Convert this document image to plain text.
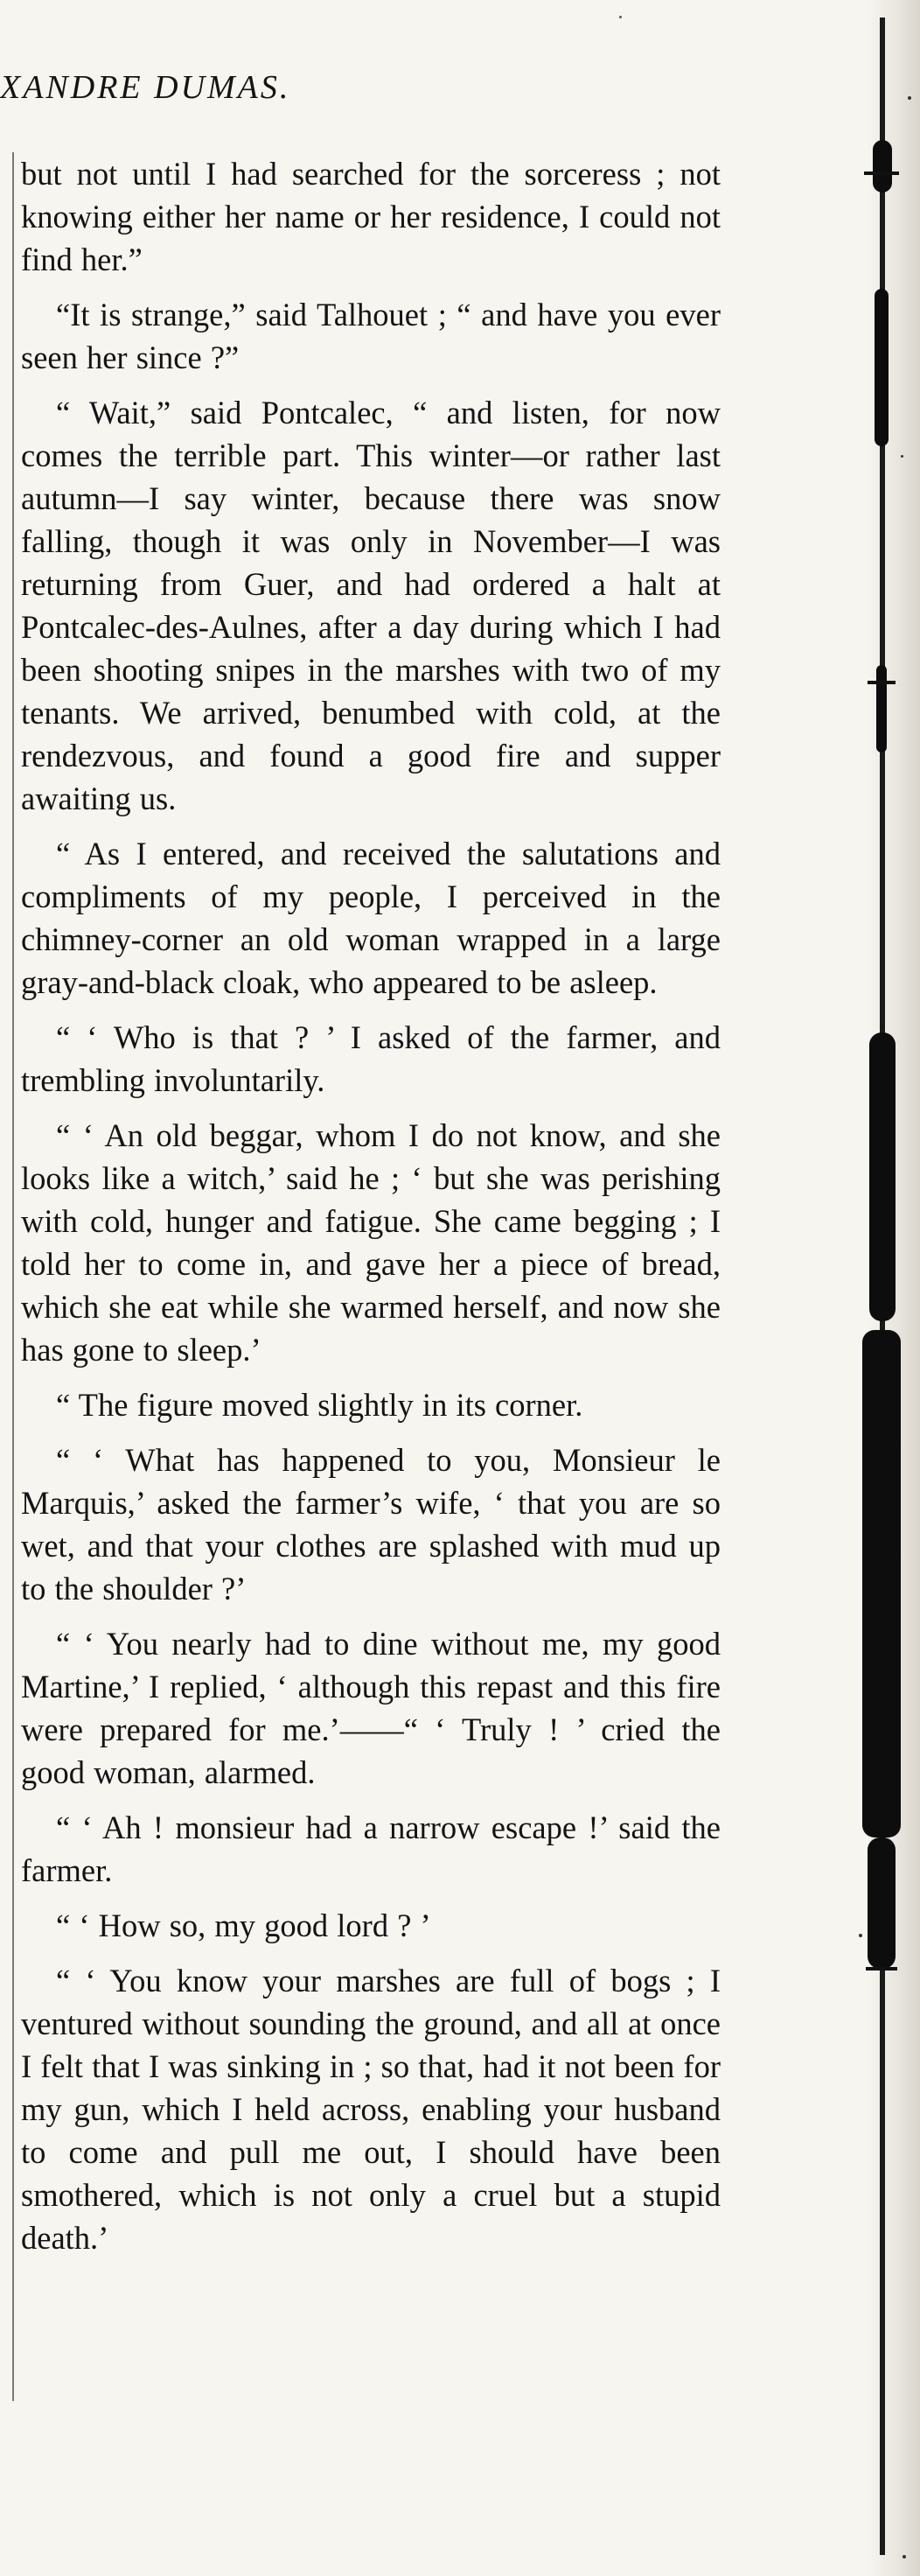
XANDRE DUMAS.

but not until I had searched for the sorceress ; not knowing either her name or her residence, I could not find her.”

“It is strange,” said Talhouet ; “ and have you ever seen her since ?”

“ Wait,” said Pontcalec, “ and listen, for now comes the terrible part. This winter—or rather last autumn—I say winter, because there was snow falling, though it was only in November—I was returning from Guer, and had ordered a halt at Pontcalec-des-Aulnes, after a day during which I had been shooting snipes in the marshes with two of my tenants. We arrived, benumbed with cold, at the rendezvous, and found a good fire and supper awaiting us.

“ As I entered, and received the salutations and compliments of my people, I perceived in the chimney-corner an old woman wrapped in a large gray-and-black cloak, who appeared to be asleep.

“ ‘ Who is that ? ’ I asked of the farmer, and trembling involuntarily.

“ ‘ An old beggar, whom I do not know, and she looks like a witch,’ said he ; ‘ but she was perishing with cold, hunger and fatigue. She came begging ; I told her to come in, and gave her a piece of bread, which she eat while she warmed herself, and now she has gone to sleep.’

“ The figure moved slightly in its corner.

“ ‘ What has happened to you, Monsieur le Marquis,’ asked the farmer’s wife, ‘ that you are so wet, and that your clothes are splashed with mud up to the shoulder ?’

“ ‘ You nearly had to dine without me, my good Martine,’ I replied, ‘ although this repast and this fire were prepared for me.’——“ ‘ Truly ! ’ cried the good woman, alarmed.

“ ‘ Ah ! monsieur had a narrow escape !’ said the farmer.

“ ‘ How so, my good lord ? ’

“ ‘ You know your marshes are full of bogs ; I ventured without sounding the ground, and all at once I felt that I was sinking in ; so that, had it not been for my gun, which I held across, enabling your husband to come and pull me out, I should have been smothered, which is not only a cruel but a stupid death.’
